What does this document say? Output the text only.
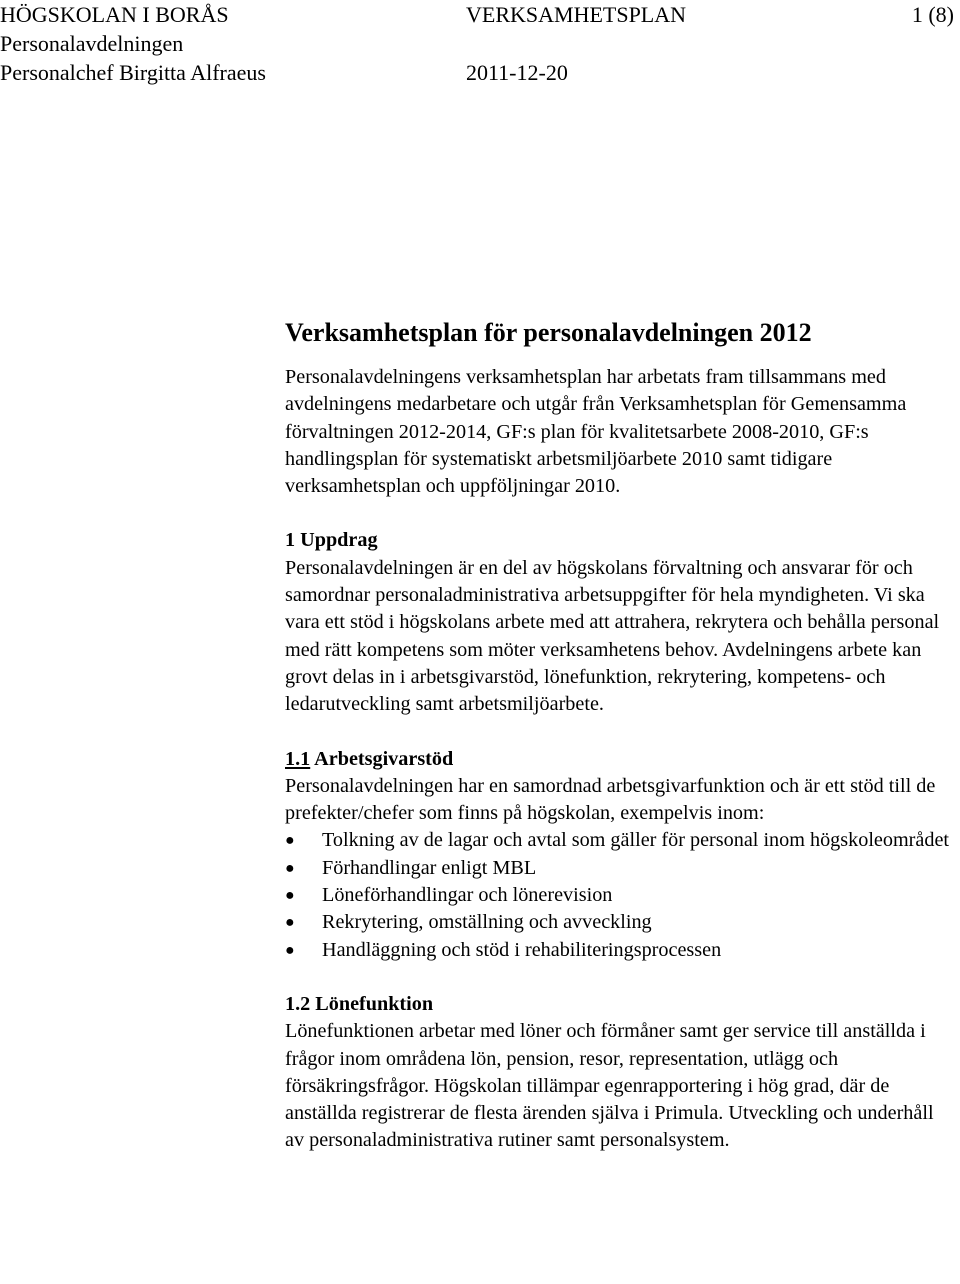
HÖGSKOLAN I BORÅS	VERKSAMHETSPLAN	1 (8)
Personalavdelningen
Personalchef Birgitta Alfraeus	2011-12-20
Verksamhetsplan för personalavdelningen 2012

Personalavdelningens verksamhetsplan har arbetats fram tillsammans med avdelningens medarbetare och utgår från Verksamhetsplan för Gemensamma förvaltningen 2012-2014, GF:s plan för kvalitetsarbete 2008-2010, GF:s handlingsplan för systematiskt arbetsmiljöarbete 2010 samt tidigare verksamhetsplan och uppföljningar 2010.

1 Uppdrag

Personalavdelningen är en del av högskolans förvaltning och ansvarar för och samordnar personaladministrativa arbetsuppgifter för hela myndigheten. Vi ska vara ett stöd i högskolans arbete med att attrahera, rekrytera och behålla personal med rätt kompetens som möter verksamhetens behov. Avdelningens arbete kan grovt delas in i arbetsgivarstöd, lönefunktion, rekrytering, kompetens- och ledarutveckling samt arbetsmiljöarbete.

1.1 Arbetsgivarstöd

Personalavdelningen har en samordnad arbetsgivarfunktion och är ett stöd till de prefekter/chefer som finns på högskolan, exempelvis inom:

● Tolkning av de lagar och avtal som gäller för personal inom högskoleområdet
● Förhandlingar enligt MBL
● Löneförhandlingar och lönerevision
● Rekrytering, omställning och avveckling
● Handläggning och stöd i rehabiliteringsprocessen
1.2 Lönefunktion

Lönefunktionen arbetar med löner och förmåner samt ger service till anställda i frågor inom områdena lön, pension, resor, representation, utlägg och försäkringsfrågor. Högskolan tillämpar egenrapportering i hög grad, där de anställda registrerar de flesta ärenden själva i Primula. Utveckling och underhåll av personaladministrativa rutiner samt personalsystem.
